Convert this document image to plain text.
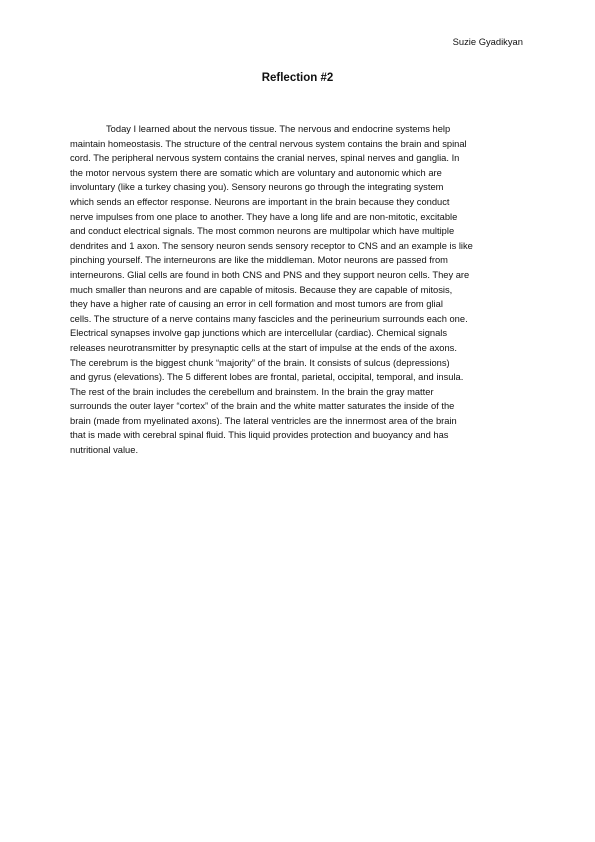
Suzie Gyadikyan
Reflection #2
Today I learned about the nervous tissue. The nervous and endocrine systems help
maintain homeostasis. The structure of the central nervous system contains the brain and spinal
cord. The peripheral nervous system contains the cranial nerves, spinal nerves and ganglia. In
the motor nervous system there are somatic which are voluntary and autonomic which are
involuntary (like a turkey chasing you). Sensory neurons go through the integrating system
which sends an effector response. Neurons are important in the brain because they conduct
nerve impulses from one place to another. They have a long life and are non-mitotic, excitable
and conduct electrical signals. The most common neurons are multipolar which have multiple
dendrites and 1 axon. The sensory neuron sends sensory receptor to CNS and an example is like
pinching yourself. The interneurons are like the middleman. Motor neurons are passed from
interneurons. Glial cells are found in both CNS and PNS and they support neuron cells. They are
much smaller than neurons and are capable of mitosis. Because they are capable of mitosis,
they have a higher rate of causing an error in cell formation and most tumors are from glial
cells. The structure of a nerve contains many fascicles and the perineurium surrounds each one.
Electrical synapses involve gap junctions which are intercellular (cardiac). Chemical signals
releases neurotransmitter by presynaptic cells at the start of impulse at the ends of the axons.
The cerebrum is the biggest chunk “majority” of the brain. It consists of sulcus (depressions)
and gyrus (elevations). The 5 different lobes are frontal, parietal, occipital, temporal, and insula.
The rest of the brain includes the cerebellum and brainstem. In the brain the gray matter
surrounds the outer layer “cortex” of the brain and the white matter saturates the inside of the
brain (made from myelinated axons). The lateral ventricles are the innermost area of the brain
that is made with cerebral spinal fluid. This liquid provides protection and buoyancy and has
nutritional value.
